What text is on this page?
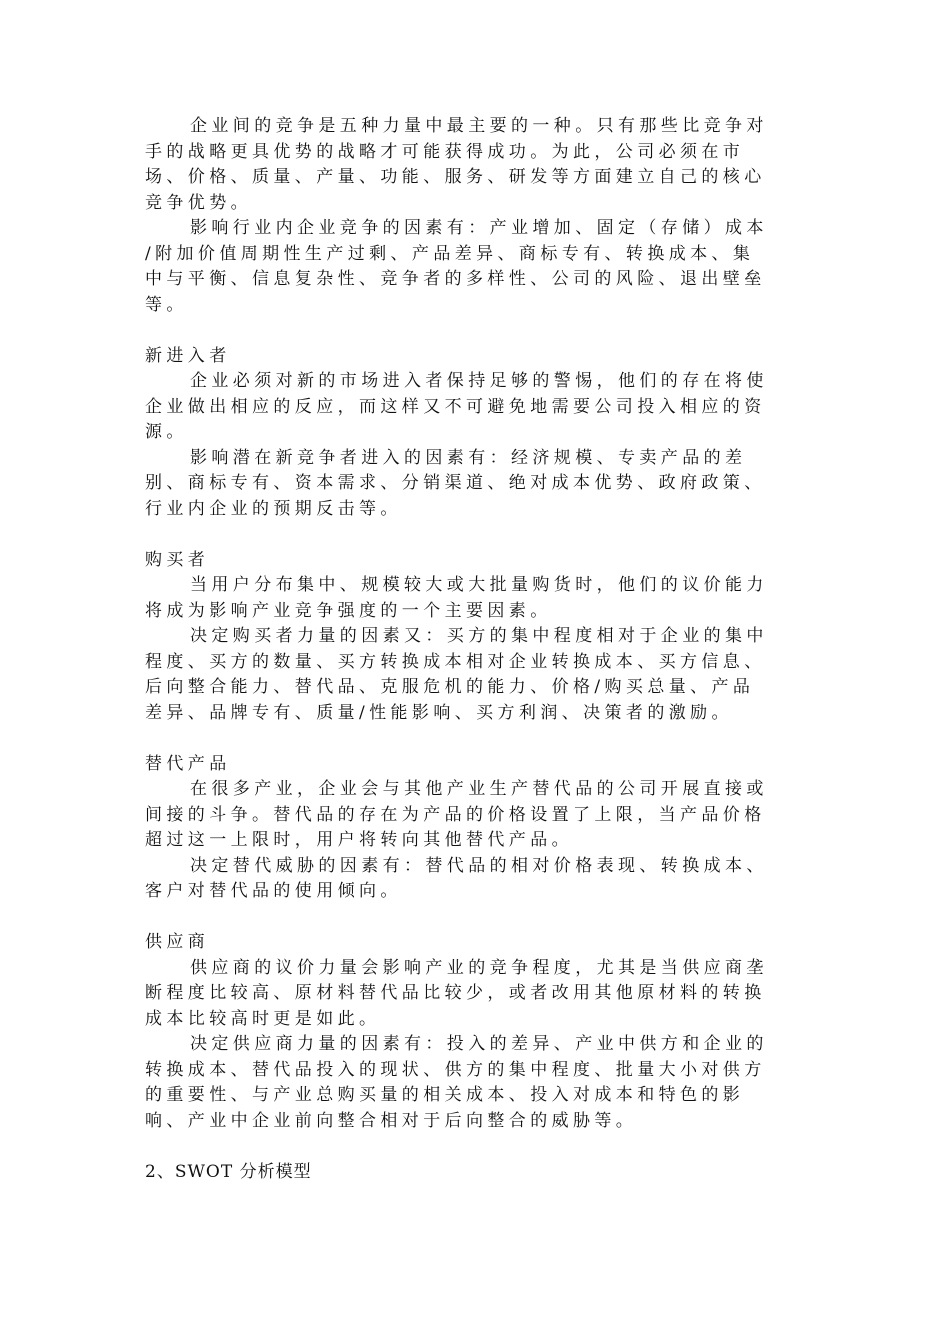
企业间的竞争是五种力量中最主要的一种。只有那些比竞争对
手的战略更具优势的战略才可能获得成功。为此，公司必须在市
场、价格、质量、产量、功能、服务、研发等方面建立自己的核心
竞争优势。
影响行业内企业竞争的因素有：产业增加、固定（存储）成本
/附加价值周期性生产过剩、产品差异、商标专有、转换成本、集
中与平衡、信息复杂性、竞争者的多样性、公司的风险、退出壁垒
等。
新进入者
企业必须对新的市场进入者保持足够的警惕，他们的存在将使
企业做出相应的反应，而这样又不可避免地需要公司投入相应的资
源。
影响潜在新竞争者进入的因素有：经济规模、专卖产品的差
别、商标专有、资本需求、分销渠道、绝对成本优势、政府政策、
行业内企业的预期反击等。
购买者
当用户分布集中、规模较大或大批量购货时，他们的议价能力
将成为影响产业竞争强度的一个主要因素。
决定购买者力量的因素又：买方的集中程度相对于企业的集中
程度、买方的数量、买方转换成本相对企业转换成本、买方信息、
后向整合能力、替代品、克服危机的能力、价格/购买总量、产品
差异、品牌专有、质量/性能影响、买方利润、决策者的激励。
替代产品
在很多产业，企业会与其他产业生产替代品的公司开展直接或
间接的斗争。替代品的存在为产品的价格设置了上限，当产品价格
超过这一上限时，用户将转向其他替代产品。
决定替代威胁的因素有：替代品的相对价格表现、转换成本、
客户对替代品的使用倾向。
供应商
供应商的议价力量会影响产业的竞争程度，尤其是当供应商垄
断程度比较高、原材料替代品比较少，或者改用其他原材料的转换
成本比较高时更是如此。
决定供应商力量的因素有：投入的差异、产业中供方和企业的
转换成本、替代品投入的现状、供方的集中程度、批量大小对供方
的重要性、与产业总购买量的相关成本、投入对成本和特色的影
响、产业中企业前向整合相对于后向整合的威胁等。
2、SWOT 分析模型
